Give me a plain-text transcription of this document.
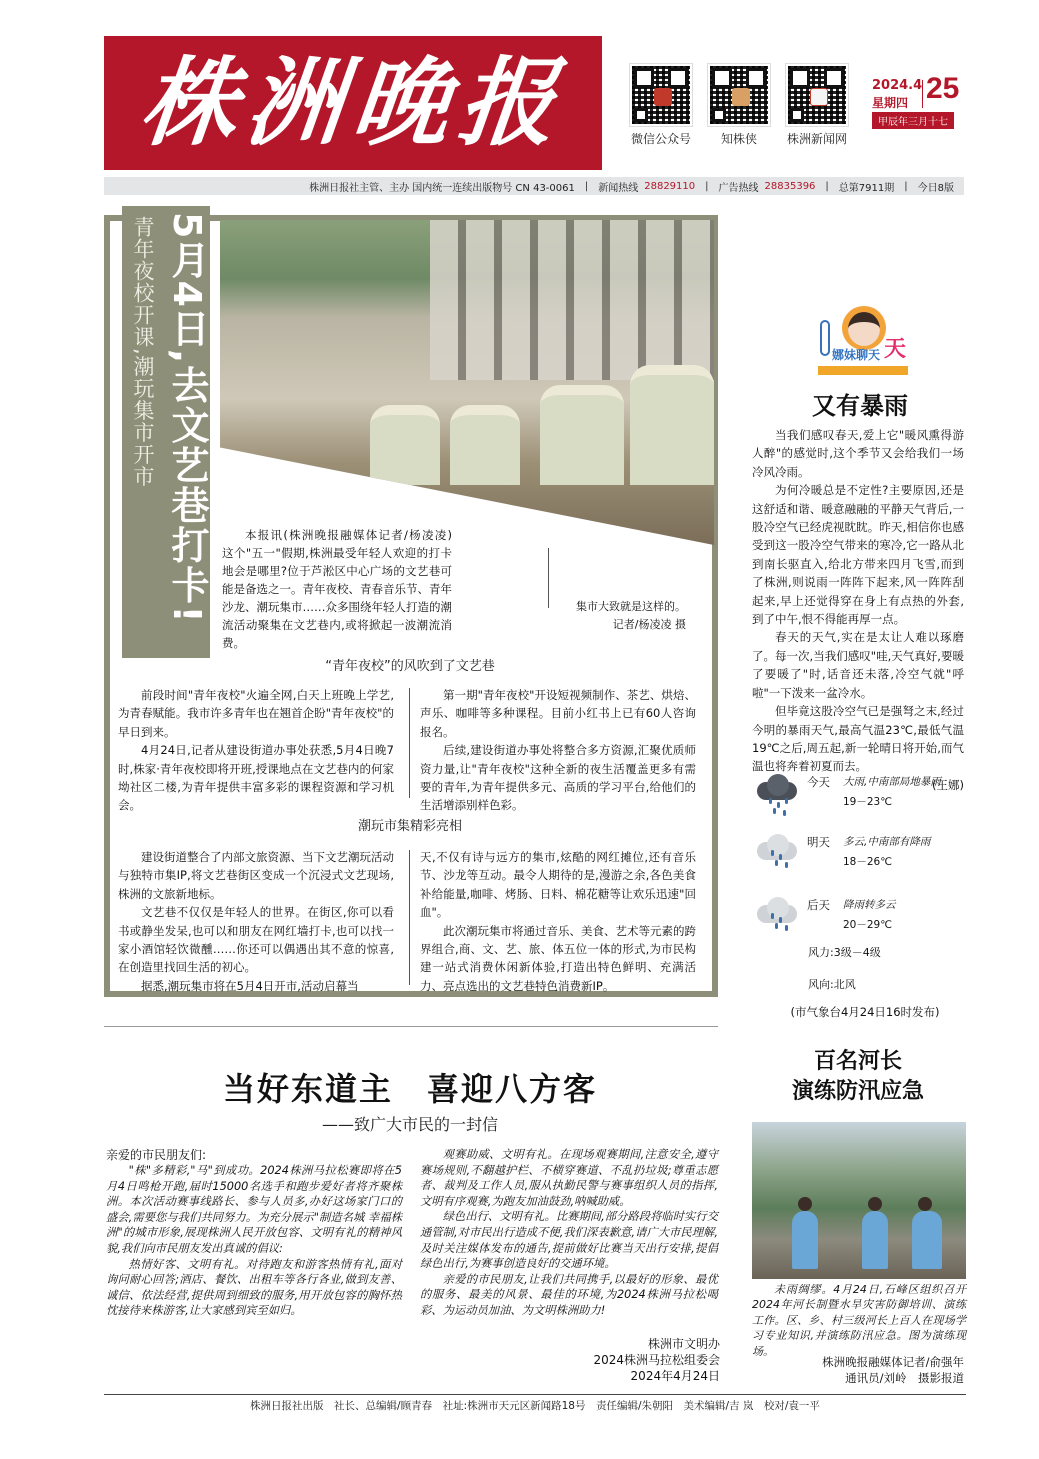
株洲晚报	微信公众号 知株侠 株洲新闻网
2024.4
星期四 25
甲辰年三月十七
株洲日报社主管、主办 国内统一连续出版物号 CN 43-0061	|	新闻热线 28829110	|	广告热线 28835396	|	总第7911期	|	今日8版
青年夜校开课,潮玩集市开市 5月4日,去文艺巷打卡!	本报讯(株洲晚报融媒体记者/杨凌凌)　这个"五一"假期,株洲最受年轻人欢迎的打卡地会是哪里?位于芦淞区中心广场的文艺巷可能是备选之一。青年夜校、青春音乐节、青年沙龙、潮玩集市……众多围绕年轻人打造的潮流活动聚集在文艺巷内,或将掀起一波潮流消费。

集市大致就是这样的。
记者/杨凌凌 摄
“青年夜校”的风吹到了文艺巷

前段时间"青年夜校"火遍全网,白天上班晚上学艺,为青春赋能。我市许多青年也在翘首企盼"青年夜校"的早日到来。

4月24日,记者从建设街道办事处获悉,5月4日晚7时,株家·青年夜校即将开班,授课地点在文艺巷内的何家坳社区二楼,为青年提供丰富多彩的课程资源和学习机会。

第一期"青年夜校"开设短视频制作、茶艺、烘焙、声乐、咖啡等多种课程。目前小红书上已有60人咨询报名。

后续,建设街道办事处将整合多方资源,汇聚优质师资力量,让"青年夜校"这种全新的夜生活覆盖更多有需要的青年,为青年提供多元、高质的学习平台,给他们的生活增添别样色彩。

潮玩市集精彩亮相

建设街道整合了内部文旅资源、当下文艺潮玩活动与独特市集IP,将文艺巷街区变成一个沉浸式文艺现场,株洲的文旅新地标。

文艺巷不仅仅是年轻人的世界。在街区,你可以看书或静坐发呆,也可以和朋友在网红墙打卡,也可以找一家小酒馆轻饮微醺……你还可以偶遇出其不意的惊喜,在创造里找回生活的初心。

据悉,潮玩集市将在5月4日开市,活动启幕当

天,不仅有诗与远方的集市,炫酷的网红摊位,还有音乐节、沙龙等互动。最令人期待的是,漫游之余,各色美食补给能量,咖啡、烤肠、日料、棉花糖等让欢乐迅速"回血"。

此次潮玩集市将通过音乐、美食、艺术等元素的跨界组合,商、文、艺、旅、体五位一体的形式,为市民构建一站式消费休闲新体验,打造出特色鲜明、充满活力、亮点选出的文艺巷特色消费新IP。

娜妹聊天 天
又有暴雨

当我们感叹春天,爱上它"暖风熏得游人醉"的感觉时,这个季节又会给我们一场冷风冷雨。

为何冷暖总是不定性?主要原因,还是这舒适和谐、暖意融融的平静天气背后,一股冷空气已经虎视眈眈。昨天,相信你也感受到这一股冷空气带来的寒冷,它一路从北到南长驱直入,给北方带来四月飞雪,而到了株洲,则说雨一阵阵下起来,风一阵阵刮起来,早上还觉得穿在身上有点热的外套,到了中午,恨不得能再厚一点。

春天的天气,实在是太让人难以琢磨了。每一次,当我们感叹"哇,天气真好,要暖了要暖了"时,话音还未落,冷空气就"呼啦"一下泼来一盆冷水。

但毕竟这股冷空气已是强弩之末,经过今明的暴雨天气,最高气温23℃,最低气温19℃之后,周五起,新一轮晴日将开始,而气温也将奔着初夏而去。

(王娜)
今天 大雨,中南部局地暴雨
19－23℃
明天 多云,中南部有降雨
18－26℃
后天 降雨转多云
20－29℃
风力:3级－4级
风向:北风
(市气象台4月24日16时发布)
当好东道主　喜迎八方客
——致广大市民的一封信
亲爱的市民朋友们:

"株"多精彩,"马"到成功。2024株洲马拉松赛即将在5月4日鸣枪开跑,届时15000名选手和跑步爱好者将齐聚株洲。本次活动赛事线路长、参与人员多,办好这场家门口的盛会,需要您与我们共同努力。为充分展示"制造名城 幸福株洲"的城市形象,展现株洲人民开放包容、文明有礼的精神风貌,我们向市民朋友发出真诚的倡议:

热情好客、文明有礼。对待跑友和游客热情有礼,面对询问耐心回答;酒店、餐饮、出租车等各行各业,做到友善、诚信、依法经营,提供周到细致的服务,用开放包容的胸怀热忱接待来株游客,让大家感到宾至如归。

观赛助威、文明有礼。在现场观赛期间,注意安全,遵守赛场规则,不翻越护栏、不横穿赛道、不乱扔垃圾;尊重志愿者、裁判及工作人员,服从执勤民警与赛事组织人员的指挥,文明有序观赛,为跑友加油鼓劲,呐喊助威。

绿色出行、文明有礼。比赛期间,部分路段将临时实行交通管制,对市民出行造成不便,我们深表歉意,请广大市民理解,及时关注媒体发布的通告,提前做好比赛当天出行安排,提倡绿色出行,为赛事创造良好的交通环境。

亲爱的市民朋友,让我们共同携手,以最好的形象、最优的服务、最美的风景、最佳的环境,为2024株洲马拉松喝彩、为运动员加油、为文明株洲助力!

株洲市文明办
2024株洲马拉松组委会
2024年4月24日
百名河长
演练防汛应急

未雨绸缪。4月24日,石峰区组织召开2024年河长制暨水旱灾害防御培训、演练工作。区、乡、村三级河长上百人在现场学习专业知识,并演练防汛应急。图为演练现场。

株洲晚报融媒体记者/俞强年
通讯员/刘岭　摄影报道
株洲日报社出版　社长、总编辑/顾青春　社址:株洲市天元区新闻路18号　责任编辑/朱朝阳　美术编辑/吉 岚　校对/袁一平
